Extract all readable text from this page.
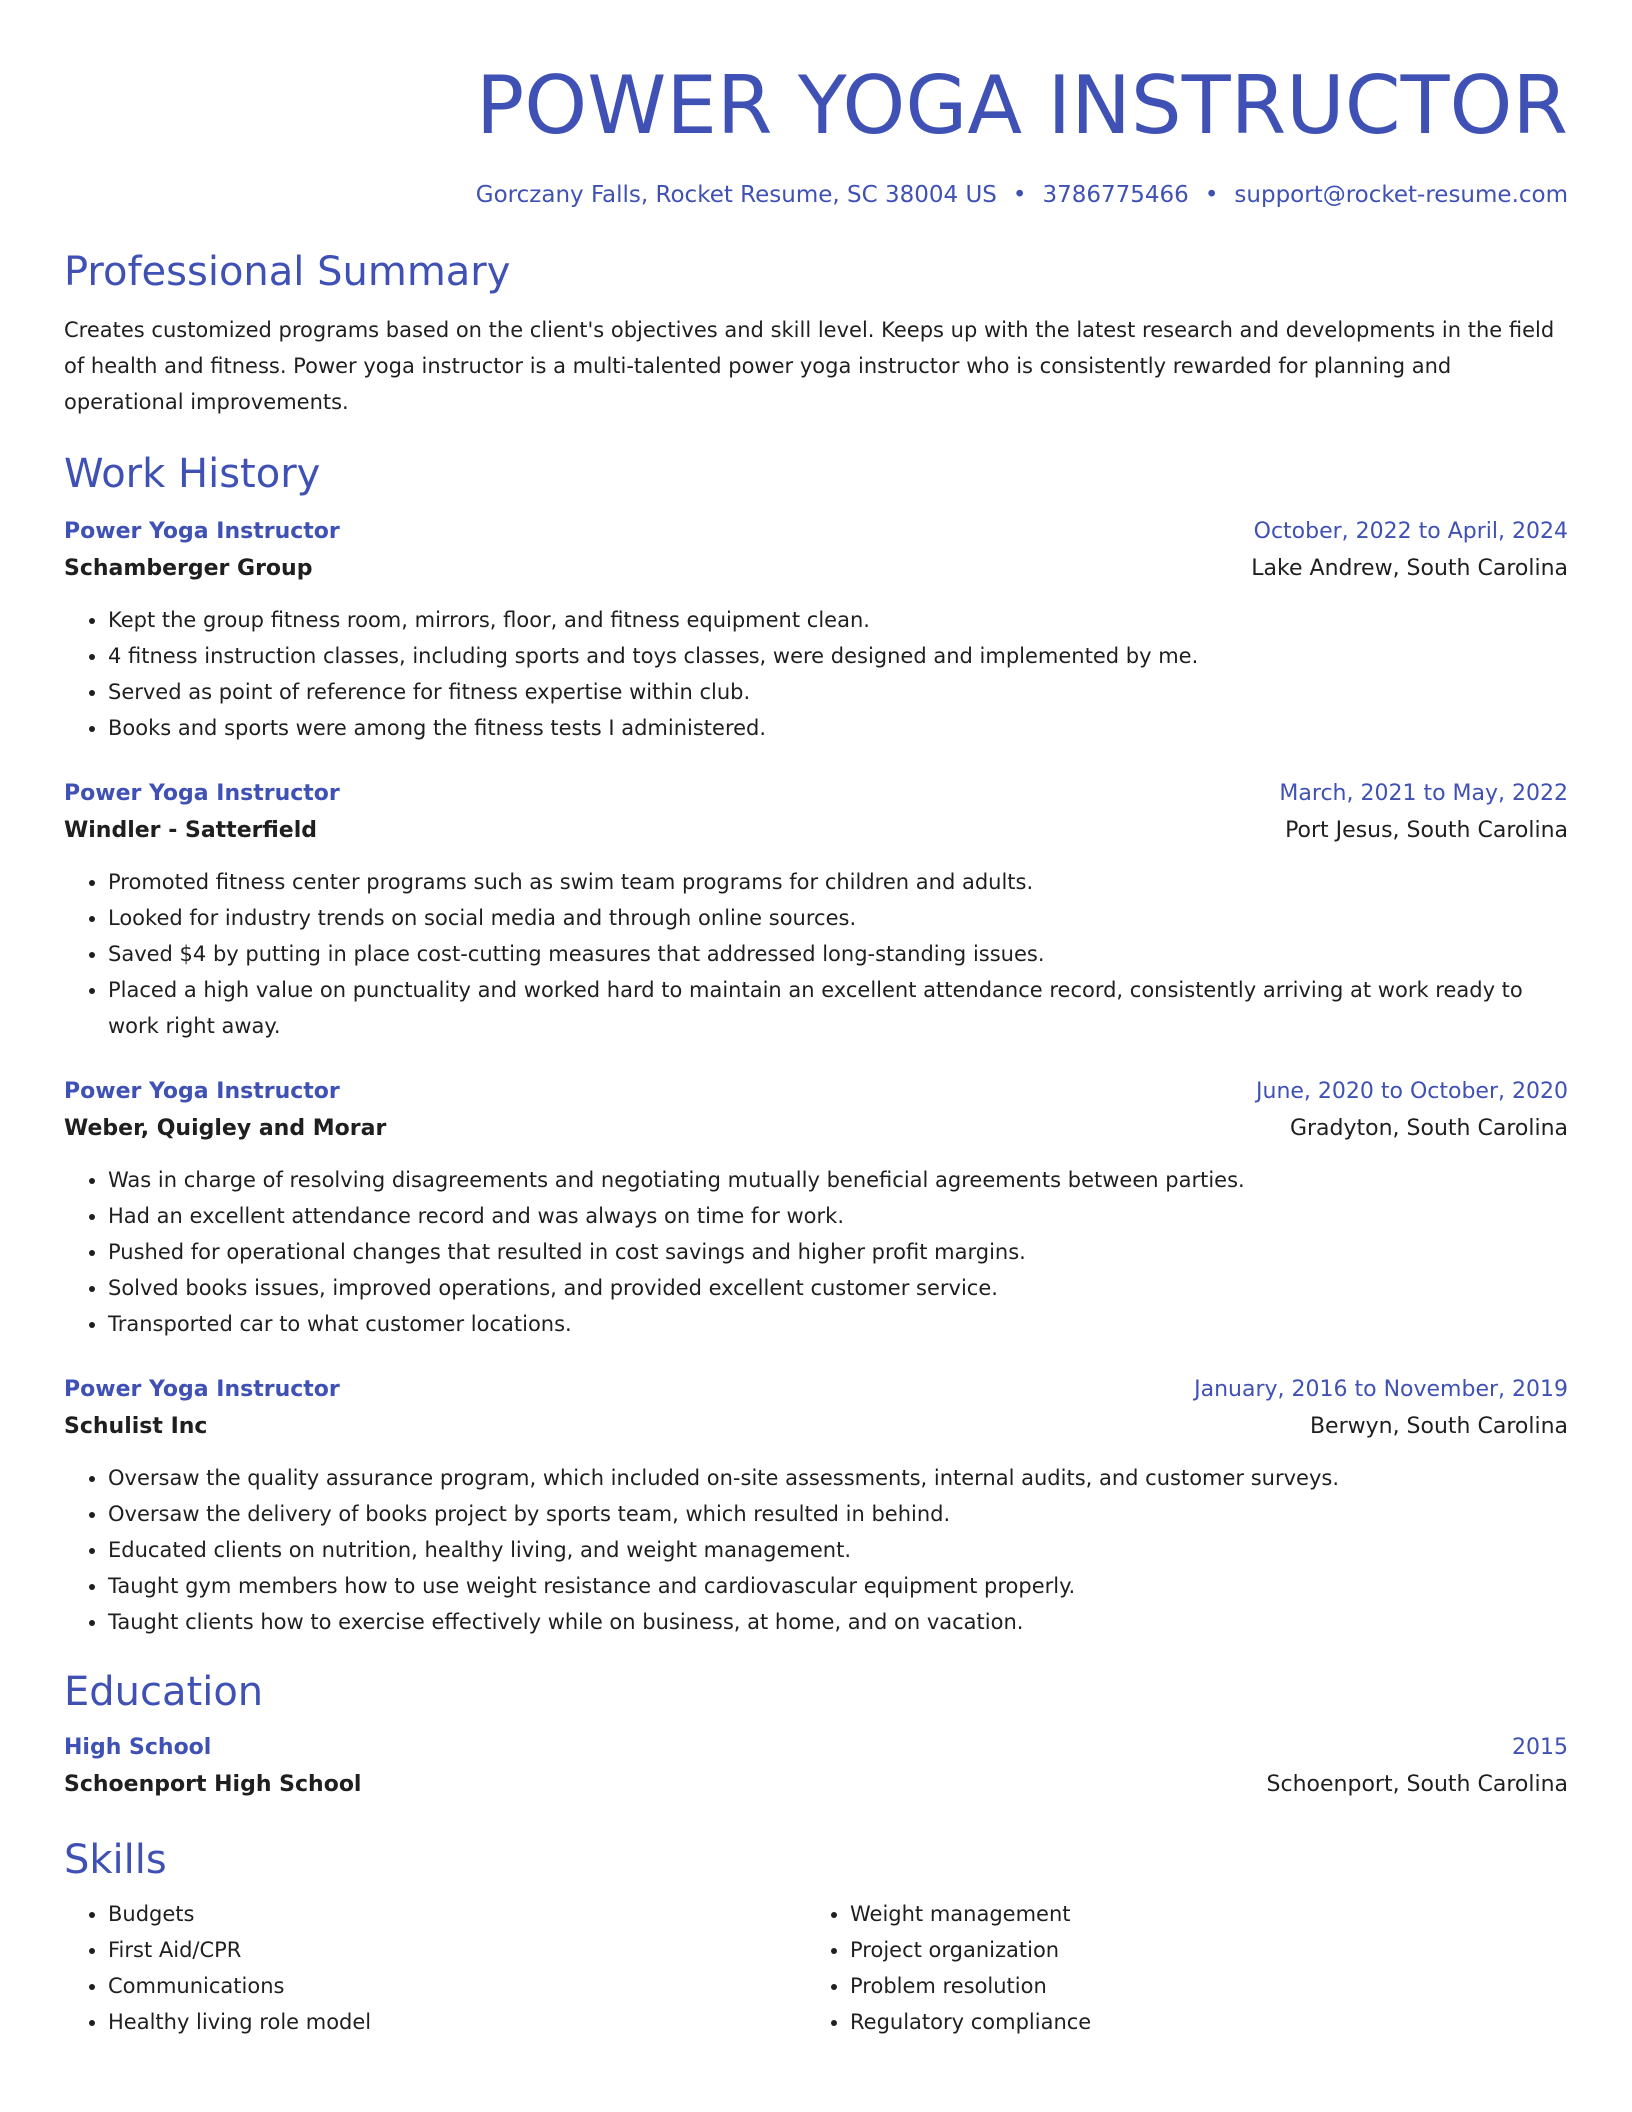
POWER YOGA INSTRUCTOR
Gorczany Falls, Rocket Resume, SC 38004 US • 3786775466 • support@rocket-resume.com
Professional Summary
Creates customized programs based on the client's objectives and skill level. Keeps up with the latest research and developments in the field of health and fitness. Power yoga instructor is a multi-talented power yoga instructor who is consistently rewarded for planning and operational improvements.
Work History
Power Yoga Instructor	October, 2022 to April, 2024
Schamberger Group	Lake Andrew, South Carolina
• Kept the group fitness room, mirrors, floor, and fitness equipment clean.
• 4 fitness instruction classes, including sports and toys classes, were designed and implemented by me.
• Served as point of reference for fitness expertise within club.
• Books and sports were among the fitness tests I administered.
Power Yoga Instructor	March, 2021 to May, 2022
Windler - Satterfield	Port Jesus, South Carolina
• Promoted fitness center programs such as swim team programs for children and adults.
• Looked for industry trends on social media and through online sources.
• Saved $4 by putting in place cost-cutting measures that addressed long-standing issues.
• Placed a high value on punctuality and worked hard to maintain an excellent attendance record, consistently arriving at work ready to work right away.
Power Yoga Instructor	June, 2020 to October, 2020
Weber, Quigley and Morar	Gradyton, South Carolina
• Was in charge of resolving disagreements and negotiating mutually beneficial agreements between parties.
• Had an excellent attendance record and was always on time for work.
• Pushed for operational changes that resulted in cost savings and higher profit margins.
• Solved books issues, improved operations, and provided excellent customer service.
• Transported car to what customer locations.
Power Yoga Instructor	January, 2016 to November, 2019
Schulist Inc	Berwyn, South Carolina
• Oversaw the quality assurance program, which included on-site assessments, internal audits, and customer surveys.
• Oversaw the delivery of books project by sports team, which resulted in behind.
• Educated clients on nutrition, healthy living, and weight management.
• Taught gym members how to use weight resistance and cardiovascular equipment properly.
• Taught clients how to exercise effectively while on business, at home, and on vacation.
Education
High School	2015
Schoenport High School	Schoenport, South Carolina
Skills
• Budgets
• First Aid/CPR
• Communications
• Healthy living role model
• Weight management
• Project organization
• Problem resolution
• Regulatory compliance
